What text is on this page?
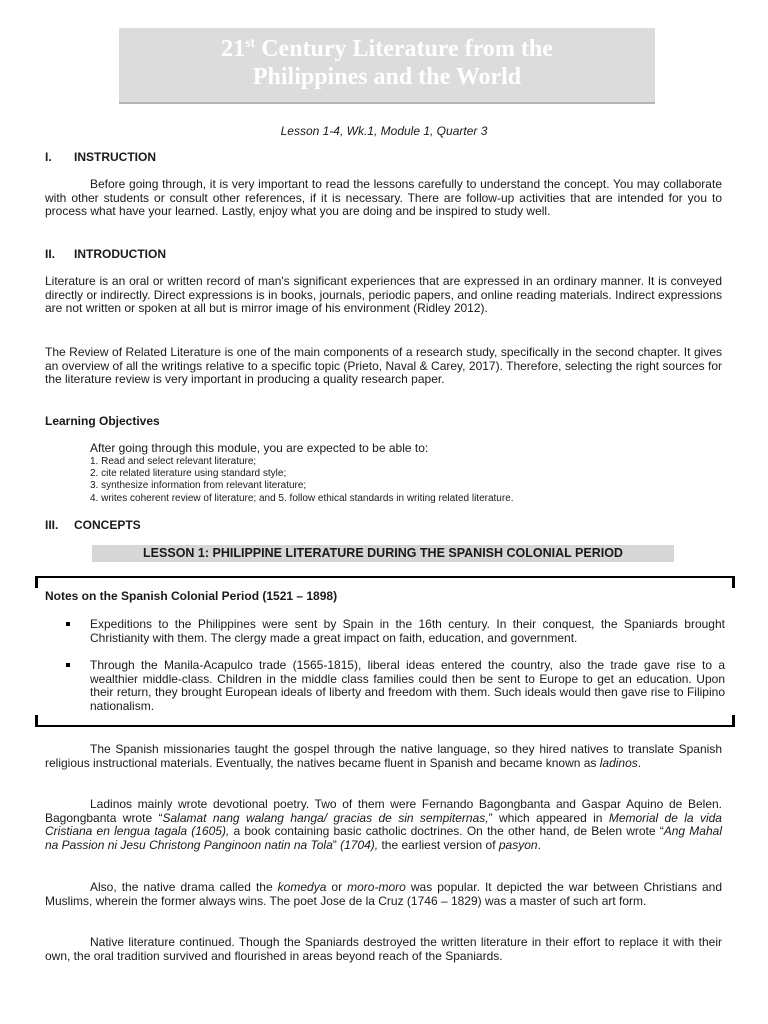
21st Century Literature from the
Philippines and the World
Lesson 1-4, Wk.1, Module 1, Quarter 3
I. INSTRUCTION

Before going through, it is very important to read the lessons carefully to understand the concept. You may collaborate with other students or consult other references, if it is necessary. There are follow-up activities that are intended for you to process what have your learned. Lastly, enjoy what you are doing and be inspired to study well.

II. INTRODUCTION

Literature is an oral or written record of man's significant experiences that are expressed in an ordinary manner. It is conveyed directly or indirectly. Direct expressions is in books, journals, periodic papers, and online reading materials. Indirect expressions are not written or spoken at all but is mirror image of his environment (Ridley 2012).

The Review of Related Literature is one of the main components of a research study, specifically in the second chapter. It gives an overview of all the writings relative to a specific topic (Prieto, Naval & Carey, 2017). Therefore, selecting the right sources for the literature review is very important in producing a quality research paper.

Learning Objectives
After going through this module, you are expected to be able to:
1. Read and select relevant literature;
2. cite related literature using standard style;
3. synthesize information from relevant literature;
4. writes coherent review of literature; and 5. follow ethical standards in writing related literature.
III. CONCEPTS
LESSON 1: PHILIPPINE LITERATURE DURING THE SPANISH COLONIAL PERIOD
Notes on the Spanish Colonial Period (1521 – 1898)

Expeditions to the Philippines were sent by Spain in the 16th century. In their conquest, the Spaniards brought Christianity with them. The clergy made a great impact on faith, education, and government.

Through the Manila-Acapulco trade (1565-1815), liberal ideas entered the country, also the trade gave rise to a wealthier middle-class. Children in the middle class families could then be sent to Europe to get an education. Upon their return, they brought European ideals of liberty and freedom with them. Such ideals would then gave rise to Filipino nationalism.

The Spanish missionaries taught the gospel through the native language, so they hired natives to translate Spanish religious instructional materials. Eventually, the natives became fluent in Spanish and became known as ladinos.

Ladinos mainly wrote devotional poetry. Two of them were Fernando Bagongbanta and Gaspar Aquino de Belen. Bagongbanta wrote “Salamat nang walang hanga/ gracias de sin sempiternas,” which appeared in Memorial de la vida Cristiana en lengua tagala (1605), a book containing basic catholic doctrines. On the other hand, de Belen wrote “Ang Mahal na Passion ni Jesu Christong Panginoon natin na Tola” (1704), the earliest version of pasyon.

Also, the native drama called the komedya or moro-moro was popular. It depicted the war between Christians and Muslims, wherein the former always wins. The poet Jose de la Cruz (1746 – 1829) was a master of such art form.

Native literature continued. Though the Spaniards destroyed the written literature in their effort to replace it with their own, the oral tradition survived and flourished in areas beyond reach of the Spaniards.
